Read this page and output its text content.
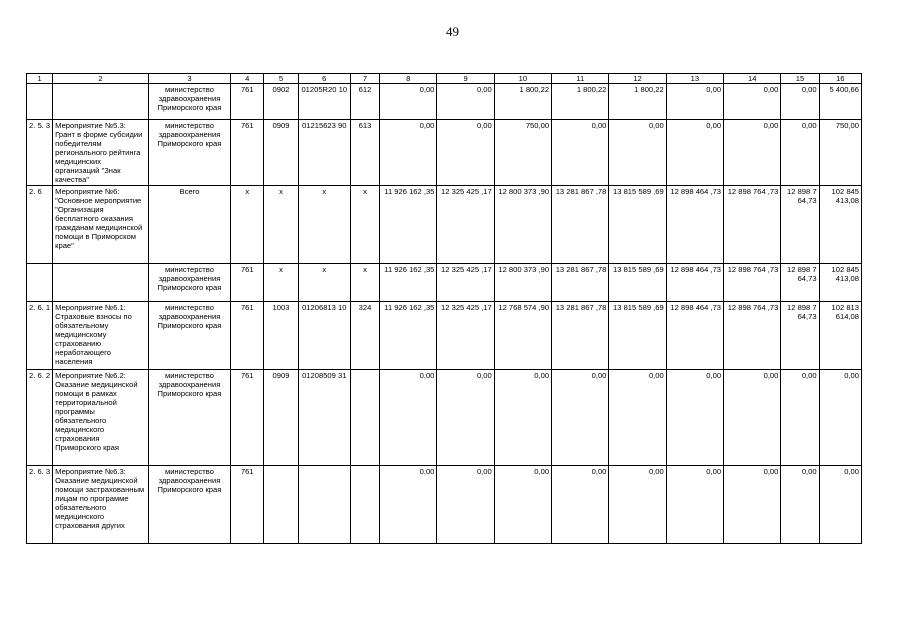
49
1	2	3	4	5	6	7	8	9	10	11	12	13	14	15	16
		министерство здравоохранения Приморского края	761	0902	01205R20 10	612	0,00	0,00	1 800,22	1 800,22	1 800,22	0,00	0,00	0,00	5 400,66
2. 5. 3	Мероприятие №5.3: Грант в форме субсидии победителям регионального рейтинга медицинских организаций "Знак качества"	министерство здравоохранения Приморского края	761	0909	01215623 90	613	0,00	0,00	750,00	0,00	0,00	0,00	0,00	0,00	750,00
2. 6	Мероприятие №6: "Основное мероприятие "Организация бесплатного оказания гражданам медицинской помощи в Приморском крае"	Всего	x	x	x	x	11 926 162 ,35	12 325 425 ,17	12 800 373 ,90	13 281 867 ,78	13 815 589 ,69	12 898 464 ,73	12 898 764 ,73	12 898 7 64,73	102 845 413,08
		министерство здравоохранения Приморского края	761	x	x	x	11 926 162 ,35	12 325 425 ,17	12 800 373 ,90	13 281 867 ,78	13 815 589 ,69	12 898 464 ,73	12 898 764 ,73	12 898 7 64,73	102 845 413,08
2. 6. 1	Мероприятие №6.1: Страховые взносы по обязательному медицинскому страхованию неработающего населения	министерство здравоохранения Приморского края	761	1003	01206813 10	324	11 926 162 ,35	12 325 425 ,17	12 768 574 ,90	13 281 867 ,78	13 815 589 ,69	12 898 464 ,73	12 898 764 ,73	12 898 7 64,73	102 813 614,08
2. 6. 2	Мероприятие №6.2: Оказание медицинской помощи в рамках территориальной программы обязательного медицинского страхования Приморского края	министерство здравоохранения Приморского края	761	0909	01208509 31		0,00	0,00	0,00	0,00	0,00	0,00	0,00	0,00	0,00
2. 6. 3	Мероприятие №6.3: Оказание медицинской помощи застрахованным лицам по программе обязательного медицинского страхования других	министерство здравоохранения Приморского края	761				0,00	0,00	0,00	0,00	0,00	0,00	0,00	0,00	0,00
